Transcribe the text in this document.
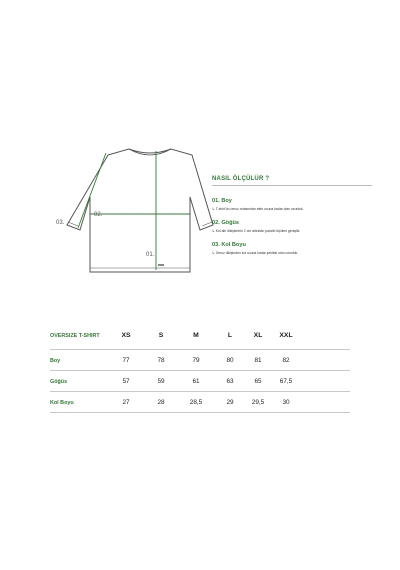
01.
02.
03.
NASIL ÖLÇÜLÜR ?
01. Boy
↳ T-shirt'ün omuz ortasından etek ucuna kadar olan uzunluk.
02. Göğüs
↳ Kol altı dikişlerinin 2 cm altından paralel ölçülen genişlik.
03. Kol Boyu
↳ Omuz dikişinden kol ucuna kadar şekilde olan uzunluk.
OVERSIZE T-SHIRT	XS	S	M	L	XL	XXL
Boy	77	78	79	80	81	82
Göğüs	57	59	61	63	65	67,5
Kol Boyu	27	28	28,5	29	29,5	30
